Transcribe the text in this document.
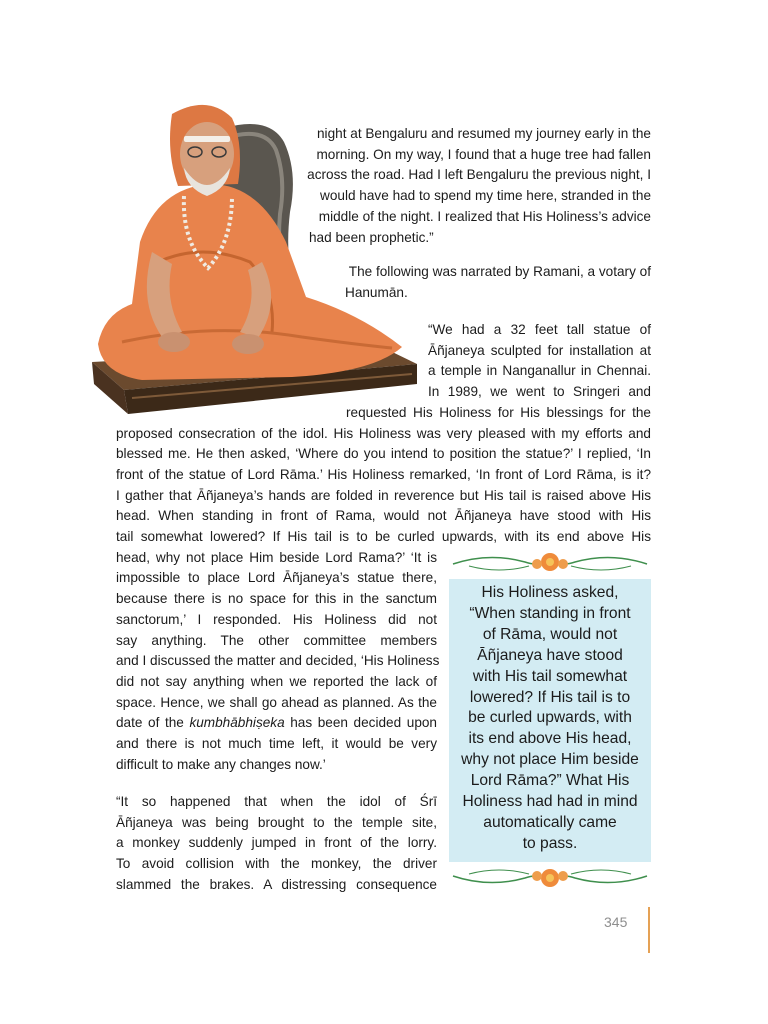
night at Bengaluru and resumed my journey early in the
morning. On my way, I found that a huge tree had fallen
across the road. Had I left Bengaluru the previous night, I
would have had to spend my time here, stranded in the
middle of the night. I realized that His Holiness’s advice
had been prophetic.”

The following was narrated by Ramani, a votary of
Hanumān.

“We had a 32 feet tall statue of
Āñjaneya sculpted for installation at
a temple in Nanganallur in Chennai.
In 1989, we went to Sringeri and
requested His Holiness for His blessings for the
proposed consecration of the idol. His Holiness was very pleased with my efforts and
blessed me. He then asked, ‘Where do you intend to position the statue?’ I replied, ‘In
front of the statue of Lord Rāma.’ His Holiness remarked, ‘In front of Lord Rāma, is it?
I gather that Āñjaneya’s hands are folded in reverence but His tail is raised above His
head. When standing in front of Rama, would not Āñjaneya have stood with His
tail somewhat lowered? If His tail is to be curled upwards, with its end above His
head, why not place Him beside Lord Rama?’ ‘It is
impossible to place Lord Āñjaneya’s statue there,
because there is no space for this in the sanctum
sanctorum,’ I responded. His Holiness did not
say anything. The other committee members
and I discussed the matter and decided, ‘His Holiness
did not say anything when we reported the lack of
space. Hence, we shall go ahead as planned. As the
date of the kumbhābhiṣeka has been decided upon
and there is not much time left, it would be very
difficult to make any changes now.’
“It so happened that when the idol of Śrī
Āñjaneya was being brought to the temple site,
a monkey suddenly jumped in front of the lorry.
To avoid collision with the monkey, the driver
slammed the brakes. A distressing consequence
His Holiness asked,
“When standing in front
of Rāma, would not
Āñjaneya have stood
with His tail somewhat
lowered? If His tail is to
be curled upwards, with
its end above His head,
why not place Him beside
Lord Rāma?” What His
Holiness had had in mind
automatically came
to pass.
345
